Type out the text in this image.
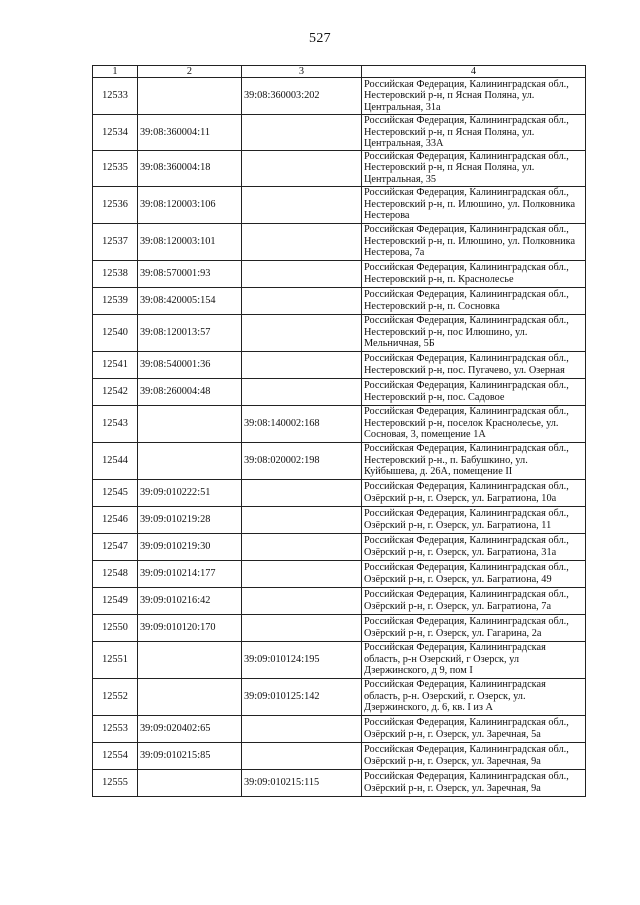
527
1	2	3	4
12533		39:08:360003:202	Российская Федерация, Калининградская обл., Нестеровский р-н, п Ясная Поляна, ул. Центральная, 31а
12534	39:08:360004:11		Российская Федерация, Калининградская обл., Нестеровский р-н, п Ясная Поляна, ул. Центральная, 33А
12535	39:08:360004:18		Российская Федерация, Калининградская обл., Нестеровский р-н, п Ясная Поляна, ул. Центральная, 35
12536	39:08:120003:106		Российская Федерация, Калининградская обл., Нестеровский р-н, п. Илюшино, ул. Полковника Нестерова
12537	39:08:120003:101		Российская Федерация, Калининградская обл., Нестеровский р-н, п. Илюшино, ул. Полковника Нестерова, 7а
12538	39:08:570001:93		Российская Федерация, Калининградская обл., Нестеровский р-н, п. Краснолесье
12539	39:08:420005:154		Российская Федерация, Калининградская обл., Нестеровский р-н, п. Сосновка
12540	39:08:120013:57		Российская Федерация, Калининградская обл., Нестеровский р-н, пос Илюшино, ул. Мельничная, 5Б
12541	39:08:540001:36		Российская Федерация, Калининградская обл., Нестеровский р-н, пос. Пугачево, ул. Озерная
12542	39:08:260004:48		Российская Федерация, Калининградская обл., Нестеровский р-н, пос. Садовое
12543		39:08:140002:168	Российская Федерация, Калининградская обл., Нестеровский р-н, поселок Краснолесье, ул. Сосновая, 3, помещение 1А
12544		39:08:020002:198	Российская Федерация, Калининградская обл., Нестеровский р-н., п. Бабушкино, ул. Куйбышева, д. 26А, помещение II
12545	39:09:010222:51		Российская Федерация, Калининградская обл., Озёрский р-н, г. Озерск, ул. Багратиона, 10а
12546	39:09:010219:28		Российская Федерация, Калининградская обл., Озёрский р-н, г. Озерск, ул. Багратиона, 11
12547	39:09:010219:30		Российская Федерация, Калининградская обл., Озёрский р-н, г. Озерск, ул. Багратиона, 31а
12548	39:09:010214:177		Российская Федерация, Калининградская обл., Озёрский р-н, г. Озерск, ул. Багратиона, 49
12549	39:09:010216:42		Российская Федерация, Калининградская обл., Озёрский р-н, г. Озерск, ул. Багратиона, 7а
12550	39:09:010120:170		Российская Федерация, Калининградская обл., Озёрский р-н, г. Озерск, ул. Гагарина, 2а
12551		39:09:010124:195	Российская Федерация, Калининградская область, р-н Озерский, г Озерск, ул Дзержинского, д 9, пом I
12552		39:09:010125:142	Российская Федерация, Калининградская область, р-н. Озерский, г. Озерск, ул. Дзержинского, д. 6, кв. I из А
12553	39:09:020402:65		Российская Федерация, Калининградская обл., Озёрский р-н, г. Озерск, ул. Заречная, 5а
12554	39:09:010215:85		Российская Федерация, Калининградская обл., Озёрский р-н, г. Озерск, ул. Заречная, 9а
12555		39:09:010215:115	Российская Федерация, Калининградская обл., Озёрский р-н, г. Озерск, ул. Заречная, 9а
